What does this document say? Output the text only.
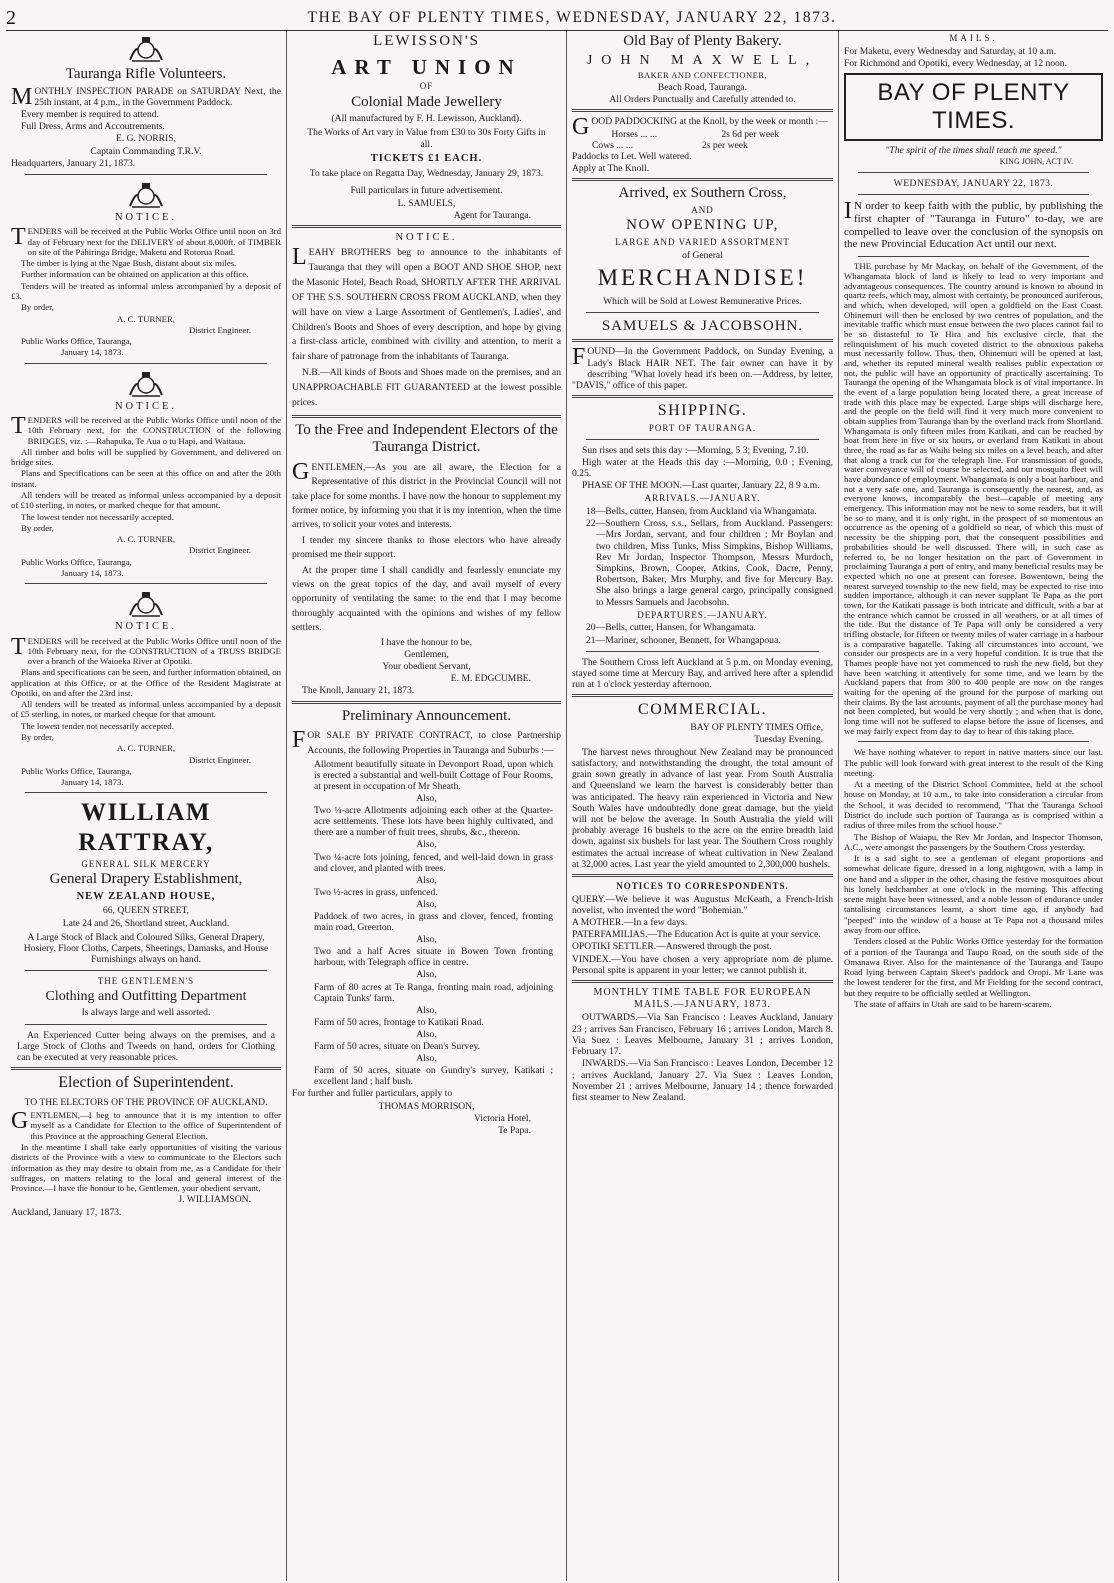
2	THE BAY OF PLENTY TIMES, WEDNESDAY, JANUARY 22, 1873.
Tauranga Rifle Volunteers.

MONTHLY INSPECTION PARADE on SATURDAY Next, the 25th instant, at 4 p.m., in the Government Paddock.

Every member is required to attend.

Full Dress, Arms and Accoutrements.

E. G. NORRIS,

Captain Commanding T.R.V.

Headquarters, January 21, 1873.

NOTICE.

TENDERS will be received at the Public Works Office until noon on 3rd day of February next for the DELIVERY of about 8,000ft. of TIMBER on site of the Pahiringa Bridge, Maketu and Rotorua Road.

The timber is lying at the Ngae Bush, distant about six miles.

Further information can be obtained on application at this office.

Tenders will be treated as informal unless accompanied by a deposit of £3.

By order,

A. C. TURNER,

District Engineer.

Public Works Office, Tauranga,

January 14, 1873.

NOTICE.

TENDERS will be received at the Public Works Office until noon of the 10th February next, for the CONSTRUCTION of the following BRIDGES, viz. :—Rahapuka, Te Aua o tu Hapi, and Waitaua.

All timber and bolts will be supplied by Government, and delivered on bridge sites.

Plans and Specifications can be seen at this office on and after the 20th instant.

All tenders will be treated as informal unless accompanied by a deposit of £10 sterling, in notes, or marked cheque for that amount.

The lowest tender not necessarily accepted.

By order,

A. C. TURNER,

District Engineer.

Public Works Office, Tauranga,

January 14, 1873.

NOTICE.

TENDERS will be received at the Public Works Office until noon of the 10th February next, for the CONSTRUCTION of a TRUSS BRIDGE over a branch of the Waioeka River at Opotiki.

Plans and specifications can be seen, and further information obtained, on application at this Office, or at the Office of the Resident Magistrate at Opotiki, on and after the 23rd inst.

All tenders will be treated as informal unless accompanied by a deposit of £5 sterling, in notes, or marked cheque for that amount.

The lowest tender not necessarily accepted.

By order,

A. C. TURNER,

District Engineer.

Public Works Office, Tauranga,

January 14, 1873.

WILLIAM RATTRAY,
GENERAL SILK MERCERY
General Drapery Establishment,
NEW ZEALAND HOUSE,

66, QUEEN STREET,

Late 24 and 26, Shortland street, Auckland.

A Large Stock of Black and Coloured Silks, General Drapery, Hosiery, Floor Cloths, Carpets, Sheetings, Damasks, and House Furnishings always on hand.

THE GENTLEMEN'S
Clothing and Outfitting Department

Is always large and well assorted.

An Experienced Cutter being always on the premises, and a Large Stock of Cloths and Tweeds on hand, orders for Clothing can be executed at very reasonable prices.

Election of Superintendent.

TO THE ELECTORS OF THE PROVINCE OF AUCKLAND.

GENTLEMEN,—I beg to announce that it is my intention to offer myself as a Candidate for Election to the office of Superintendent of this Province at the approaching General Election.

In the meantime I shall take early opportunities of visiting the various districts of the Province with a view to communicate to the Electors such information as they may desire to obtain from me, as a Candidate for their suffrages, on matters relating to the local and general interest of the Province.—I have the honour to be, Gentlemen, your obedient servant,

J. WILLIAMSON.

Auckland, January 17, 1873.

LEWISSON'S
ART UNION
OF
Colonial Made Jewellery

(All manufactured by F. H. Lewisson, Auckland).

The Works of Art vary in Value from £30 to 30s Forty Gifts in all.

TICKETS £1 EACH.

To take place on Regatta Day, Wednesday, January 29, 1873.

Full particulars in future advertisement.

L. SAMUELS,

Agent for Tauranga.

NOTICE.

LEAHY BROTHERS beg to announce to the inhabitants of Tauranga that they will open a BOOT AND SHOE SHOP, next the Masonic Hotel, Beach Road, SHORTLY AFTER THE ARRIVAL OF THE S.S. SOUTHERN CROSS FROM AUCKLAND, when they will have on view a Large Assortment of Gentlemen's, Ladies', and Children's Boots and Shoes of every description, and hope by giving a first-class article, combined with civility and attention, to merit a fair share of patronage from the inhabitants of Tauranga.

N.B.—All kinds of Boots and Shoes made on the premises, and an UNAPPROACHABLE FIT GUARANTEED at the lowest possible prices.

To the Free and Independent Electors of the Tauranga District.

GENTLEMEN,—As you are all aware, the Election for a Representative of this district in the Provincial Council will not take place for some months. I have now the honour to supplement my former notice, by informing you that it is my intention, when the time arrives, to solicit your votes and interests.

I tender my sincere thanks to those electors who have already promised me their support.

At the proper time I shall candidly and fearlessly enunciate my views on the great topics of the day, and avail myself of every opportunity of ventilating the same: to the end that I may become thoroughly acquainted with the opinions and wishes of my fellow settlers.

I have the honour to be,

Gentlemen,

Your obedient Servant,

E. M. EDGCUMBE.

The Knoll, January 21, 1873.

Preliminary Announcement.

FOR SALE BY PRIVATE CONTRACT, to close Partnership Accounts, the following Properties in Tauranga and Suburbs :—

Allotment beautifully situate in Devonport Road, upon which is erected a substantial and well-built Cottage of Four Rooms, at present in occupation of Mr Sheath.

Also,

Two ¼-acre Allotments adjoining each other at the Quarter-acre settlements. These lots have been highly cultivated, and there are a number of fruit trees, shrubs, &c., thereon.

Also,

Two ¼-acre lots joining, fenced, and well-laid down in grass and clover, and planted with trees.

Also,

Two ½-acres in grass, unfenced.

Also,

Paddock of two acres, in grass and clover, fenced, fronting main road, Greerton.

Also,

Two and a half Acres situate in Bowen Town fronting harbour, with Telegraph office in centre.

Also,

Farm of 80 acres at Te Ranga, fronting main road, adjoining Captain Tunks' farm.

Also,

Farm of 50 acres, frontage to Katikati Road.

Also,

Farm of 50 acres, situate on Dean's Survey.

Also,

Farm of 50 acres, situate on Gundry's survey, Katikati ; excellent land ; half bush.

For further and fuller particulars, apply to

THOMAS MORRISON,

Victoria Hotel,

Te Papa.

Old Bay of Plenty Bakery.
JOHN MAXWELL,

BAKER AND CONFECTIONER,

Beach Road, Tauranga.

All Orders Punctually and Carefully attended to.

GOOD PADDOCKING at the Knoll, by the week or month :—

Horses ... ...	2s 6d per week
Cows ... ...	2s per week

Paddocks to Let. Well watered.

Apply at The Knoll.

Arrived, ex Southern Cross,
AND
NOW OPENING UP,
LARGE AND VARIED ASSORTMENT

of General

MERCHANDISE!

Which will be Sold at Lowest Remunerative Prices.

SAMUELS & JACOBSOHN.

FOUND—In the Government Paddock, on Sunday Evening, a Lady's Black HAIR NET. The fair owner can have it by describing "What lovely head it's been on.—Address, by letter, "DAVIS," office of this paper.

SHIPPING.
PORT OF TAURANGA.

Sun rises and sets this day :—Morning, 5 3; Evening, 7.10.

High water at the Heads this day :—Morning, 0.0 ; Evening, 0.25.

PHASE OF THE MOON.—Last quarter, January 22, 8 9 a.m.

ARRIVALS.—JANUARY.

18—Bells, cutter, Hansen, from Auckland via Whangamata.

22—Southern Cross, s.s., Sellars, from Auckland. Passengers:—Mrs Jordan, servant, and four children ; Mr Boylan and two children, Miss Tunks, Miss Simpkins, Bishop Williams, Rev Mr Jordan, Inspector Thompson, Messrs Murdoch, Simpkins, Brown, Cooper, Atkins, Cook, Dacre, Penny, Robertson, Baker, Mrs Murphy, and five for Mercury Bay. She also brings a large general cargo, principally consigned to Messrs Samuels and Jacobsohn.

DEPARTURES.—JANUARY.

20—Bells, cutter, Hansen, for Whangamata.

21—Mariner, schooner, Bennett, for Whangapoua.

The Southern Cross left Auckland at 5 p.m. on Monday evening, stayed some time at Mercury Bay, and arrived here after a splendid run at 1 o'clock yesterday afternoon.

COMMERCIAL.

BAY OF PLENTY TIMES Office,

Tuesday Evening.

The harvest news throughout New Zealand may be pronounced satisfactory, and notwithstanding the drought, the total amount of grain sown greatly in advance of last year. From South Australia and Queensland we learn the harvest is considerably better than was anticipated. The heavy rain experienced in Victoria and New South Wales have undoubtedly done great damage, but the yield will not be below the average. In South Australia the yield will probably average 16 bushels to the acre on the entire breadth laid down, against six bushels for last year. The Southern Cross roughly estimates the actual increase of wheat cultivation in New Zealand at 32,000 acres. Last year the yield amounted to 2,300,000 bushels.

NOTICES TO CORRESPONDENTS.

QUERY.—We believe it was Augustus McKeath, a French-Irish novelist, who invented the word "Bohemian."

A MOTHER.—In a few days.

PATERFAMILIAS.—The Education Act is quite at your service.

OPOTIKI SETTLER.—Answered through the post.

VINDEX.—You have chosen a very appropriate nom de plume. Personal spite is apparent in your letter; we cannot publish it.

MONTHLY TIME TABLE FOR EUROPEAN MAILS.—JANUARY, 1873.

OUTWARDS.—Via San Francisco : Leaves Auckland, January 23 ; arrives San Francisco, February 16 ; arrives London, March 8. Via Suez : Leaves Melbourne, January 31 ; arrives London, February 17.

INWARDS.—Via San Francisco : Leaves London, December 12 ; arrives Auckland, January 27. Via Suez : Leaves London, November 21 ; arrives Melbourne, January 14 ; thence forwarded first steamer to New Zealand.

MAILS.

For Maketu, every Wednesday and Saturday, at 10 a.m.

For Richmond and Opotiki, every Wednesday, at 12 noon.

BAY OF PLENTY TIMES.

"The spirit of the times shall teach me speed."

KING JOHN, ACT IV.

WEDNESDAY, JANUARY 22, 1873.

I N order to keep faith with the public, by publishing the first chapter of "Tauranga in Futuro" to-day, we are compelled to leave over the conclusion of the synopsis on the new Provincial Education Act until our next.

THE purchase by Mr Mackay, on behalf of the Government, of the Whangamata block of land is likely to lead to very important and advantageous consequences. The country around is known to abound in quartz reefs, which may, almost with certainty, be pronounced auriferous, and which, when developed, will open a goldfield on the East Coast. Ohinemuri will then be enclosed by two centres of population, and the inevitable traffic which must ensue between the two places cannot fail to be so distasteful to Te Hira and his exclusive circle, that the relinquishment of his much coveted district to the obnoxious pakeha must necessarily follow. Thus, then, Ohinemuri will be opened at last, and, whether its reputed mineral wealth realises public expectation or not, the public will have an opportunity of practically ascertaining. To Tauranga the opening of the Whangamata block is of vital importance. In the event of a large population being located there, a great increase of trade with this place may be expected. Large ships will discharge here, and the people on the field will find it very much more convenient to obtain supplies from Tauranga than by the overland track from Shortland. Whangamata is only fifteen miles from Katikati, and can be reached by boat from here in five or six hours, or overland from Katikati in about three, the road as far as Waihi being six miles on a level beach, and after that along a track cut for the telegraph line. For transmission of goods, water conveyance will of course be selected, and our mosquito fleet will have abundance of employment. Whangamata is only a boat harbour, and not a very safe one, and Tauranga is consequently the nearest, and, as everyone knows, incomparably the best—capable of meeting any emergency. This information may not be new to some readers, but it will be so to many, and it is only right, in the prospect of so momentous an occurrence as the opening of a goldfield so near, of which this must of necessity be the shipping port, that the consequent possibilities and probabilities should be well discussed. There will, in such case as referred to, be no longer hesitation on the part of Government in proclaiming Tauranga a port of entry, and many beneficial results may be expected which no one at present can foresee. Bowentown, being the nearest surveyed township to the new field, may be expected to rise into sudden importance, although it can never supplant Te Papa as the port town, for the Katikati passage is both intricate and difficult, with a bar at the entrance which cannot be crossed in all weathers, or at all times of the tide. But the distance of Te Papa will only be considered a very trifling obstacle, for fifteen or twenty miles of water carriage in a harbour is a comparative bagatelle. Taking all circumstances into account, we consider our prospects are in a very hopeful condition. It is true that the Thames people have not yet commenced to rush the new field, but they have been watching it attentively for some time, and we learn by the Auckland papers that from 300 to 400 people are now on the ranges waiting for the opening of the ground for the purpose of marking out their claims. By the last accounts, payment of all the purchase money had not been completed, but would be very shortly ; and when that is done, long time will not be suffered to elapse before the issue of licenses, and we may fairly expect from day to day to hear of this taking place.

We have nothing whatever to report in native matters since our last. The public will look forward with great interest to the result of the King meeting.

At a meeting of the District School Committee, held at the school house on Monday, at 10 a.m., to take into consideration a circular from the School, it was decided to recommend, "That the Tauranga School District do include such portion of Tauranga as is comprised within a radius of three miles from the school house."

The Bishop of Waiapu, the Rev Mr Jordan, and Inspector Thomson, A.C., were amongst the passengers by the Southern Cross yesterday.

It is a sad sight to see a gentleman of elegant proportions and somewhat delicate figure, dressed in a long nightgown, with a lamp in one hand and a slipper in the other, chasing the festive mosquitoes about his lonely bedchamber at one o'clock in the morning. This affecting scene might have been witnessed, and a noble lesson of endurance under tantalising circumstances learnt, a short time ago, if anybody had "peeped" into the window of a house at Te Papa not a thousand miles away from our office.

Tenders closed at the Public Works Office yesterday for the formation of a portion of the Tauranga and Taupo Road, on the south side of the Omanawa River. Also for the maintenance of the Tauranga and Taupo Road lying between Captain Skeet's paddock and Oropi. Mr Lane was the lowest tenderer for the first, and Mr Fielding for the second contract, but they require to be officially settled at Wellington.

The state of affairs in Utah are said to be harem-scarem.
